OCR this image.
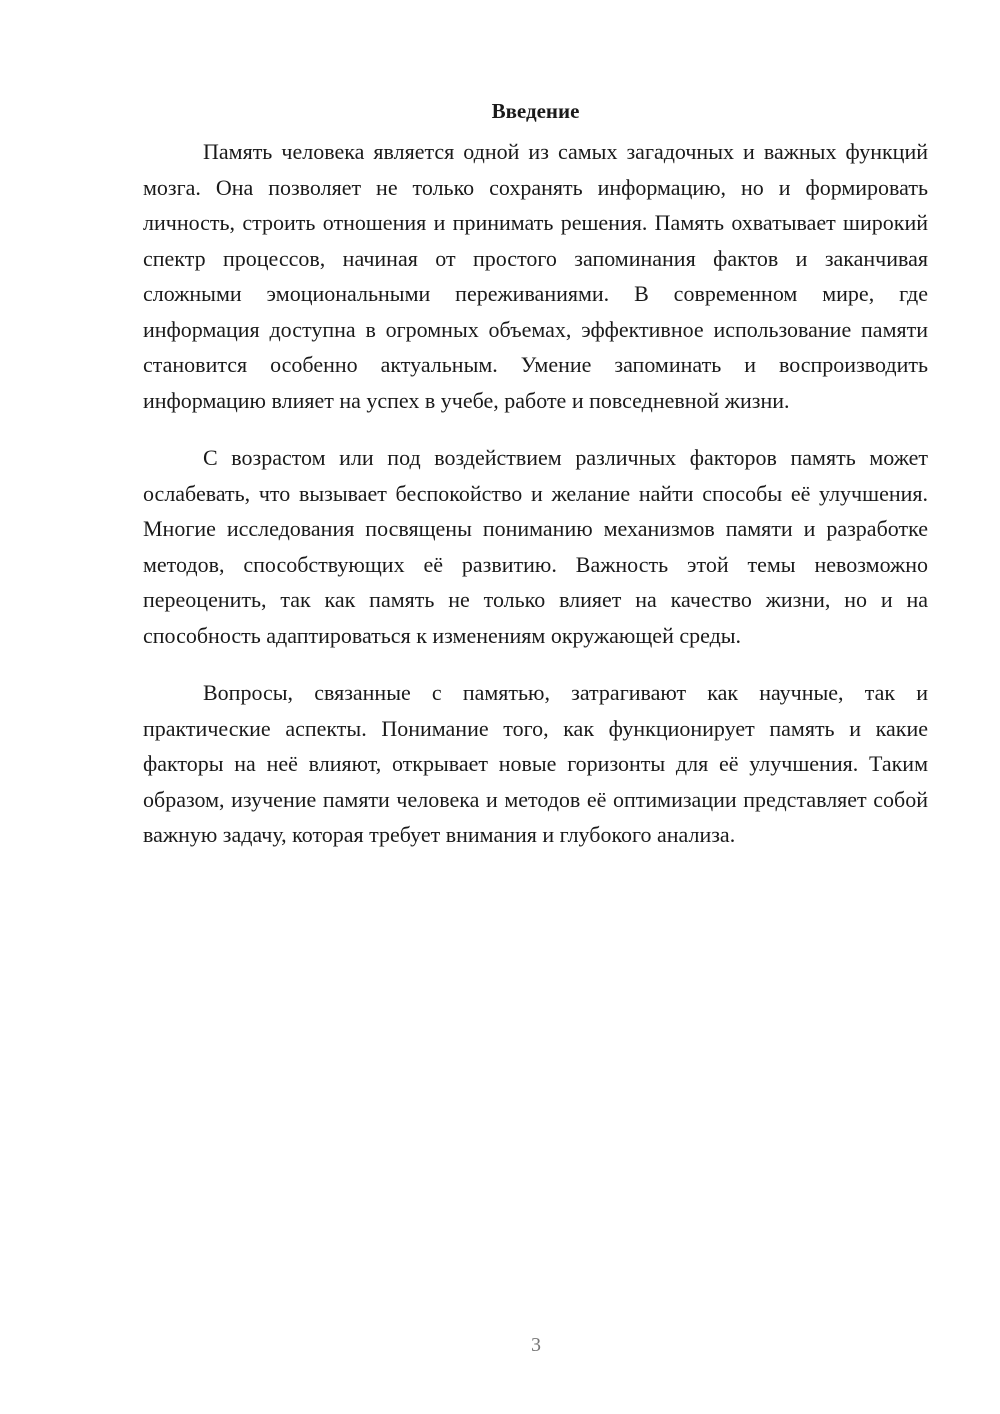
Введение

Память человека является одной из самых загадочных и важных функций мозга. Она позволяет не только сохранять информацию, но и формировать личность, строить отношения и принимать решения. Память охватывает широкий спектр процессов, начиная от простого запоминания фактов и заканчивая сложными эмоциональными переживаниями. В современном мире, где информация доступна в огромных объемах, эффективное использование памяти становится особенно актуальным. Умение запоминать и воспроизводить информацию влияет на успех в учебе, работе и повседневной жизни.

С возрастом или под воздействием различных факторов память может ослабевать, что вызывает беспокойство и желание найти способы её улучшения. Многие исследования посвящены пониманию механизмов памяти и разработке методов, способствующих её развитию. Важность этой темы невозможно переоценить, так как память не только влияет на качество жизни, но и на способность адаптироваться к изменениям окружающей среды.

Вопросы, связанные с памятью, затрагивают как научные, так и практические аспекты. Понимание того, как функционирует память и какие факторы на неё влияют, открывает новые горизонты для её улучшения. Таким образом, изучение памяти человека и методов её оптимизации представляет собой важную задачу, которая требует внимания и глубокого анализа.

3
